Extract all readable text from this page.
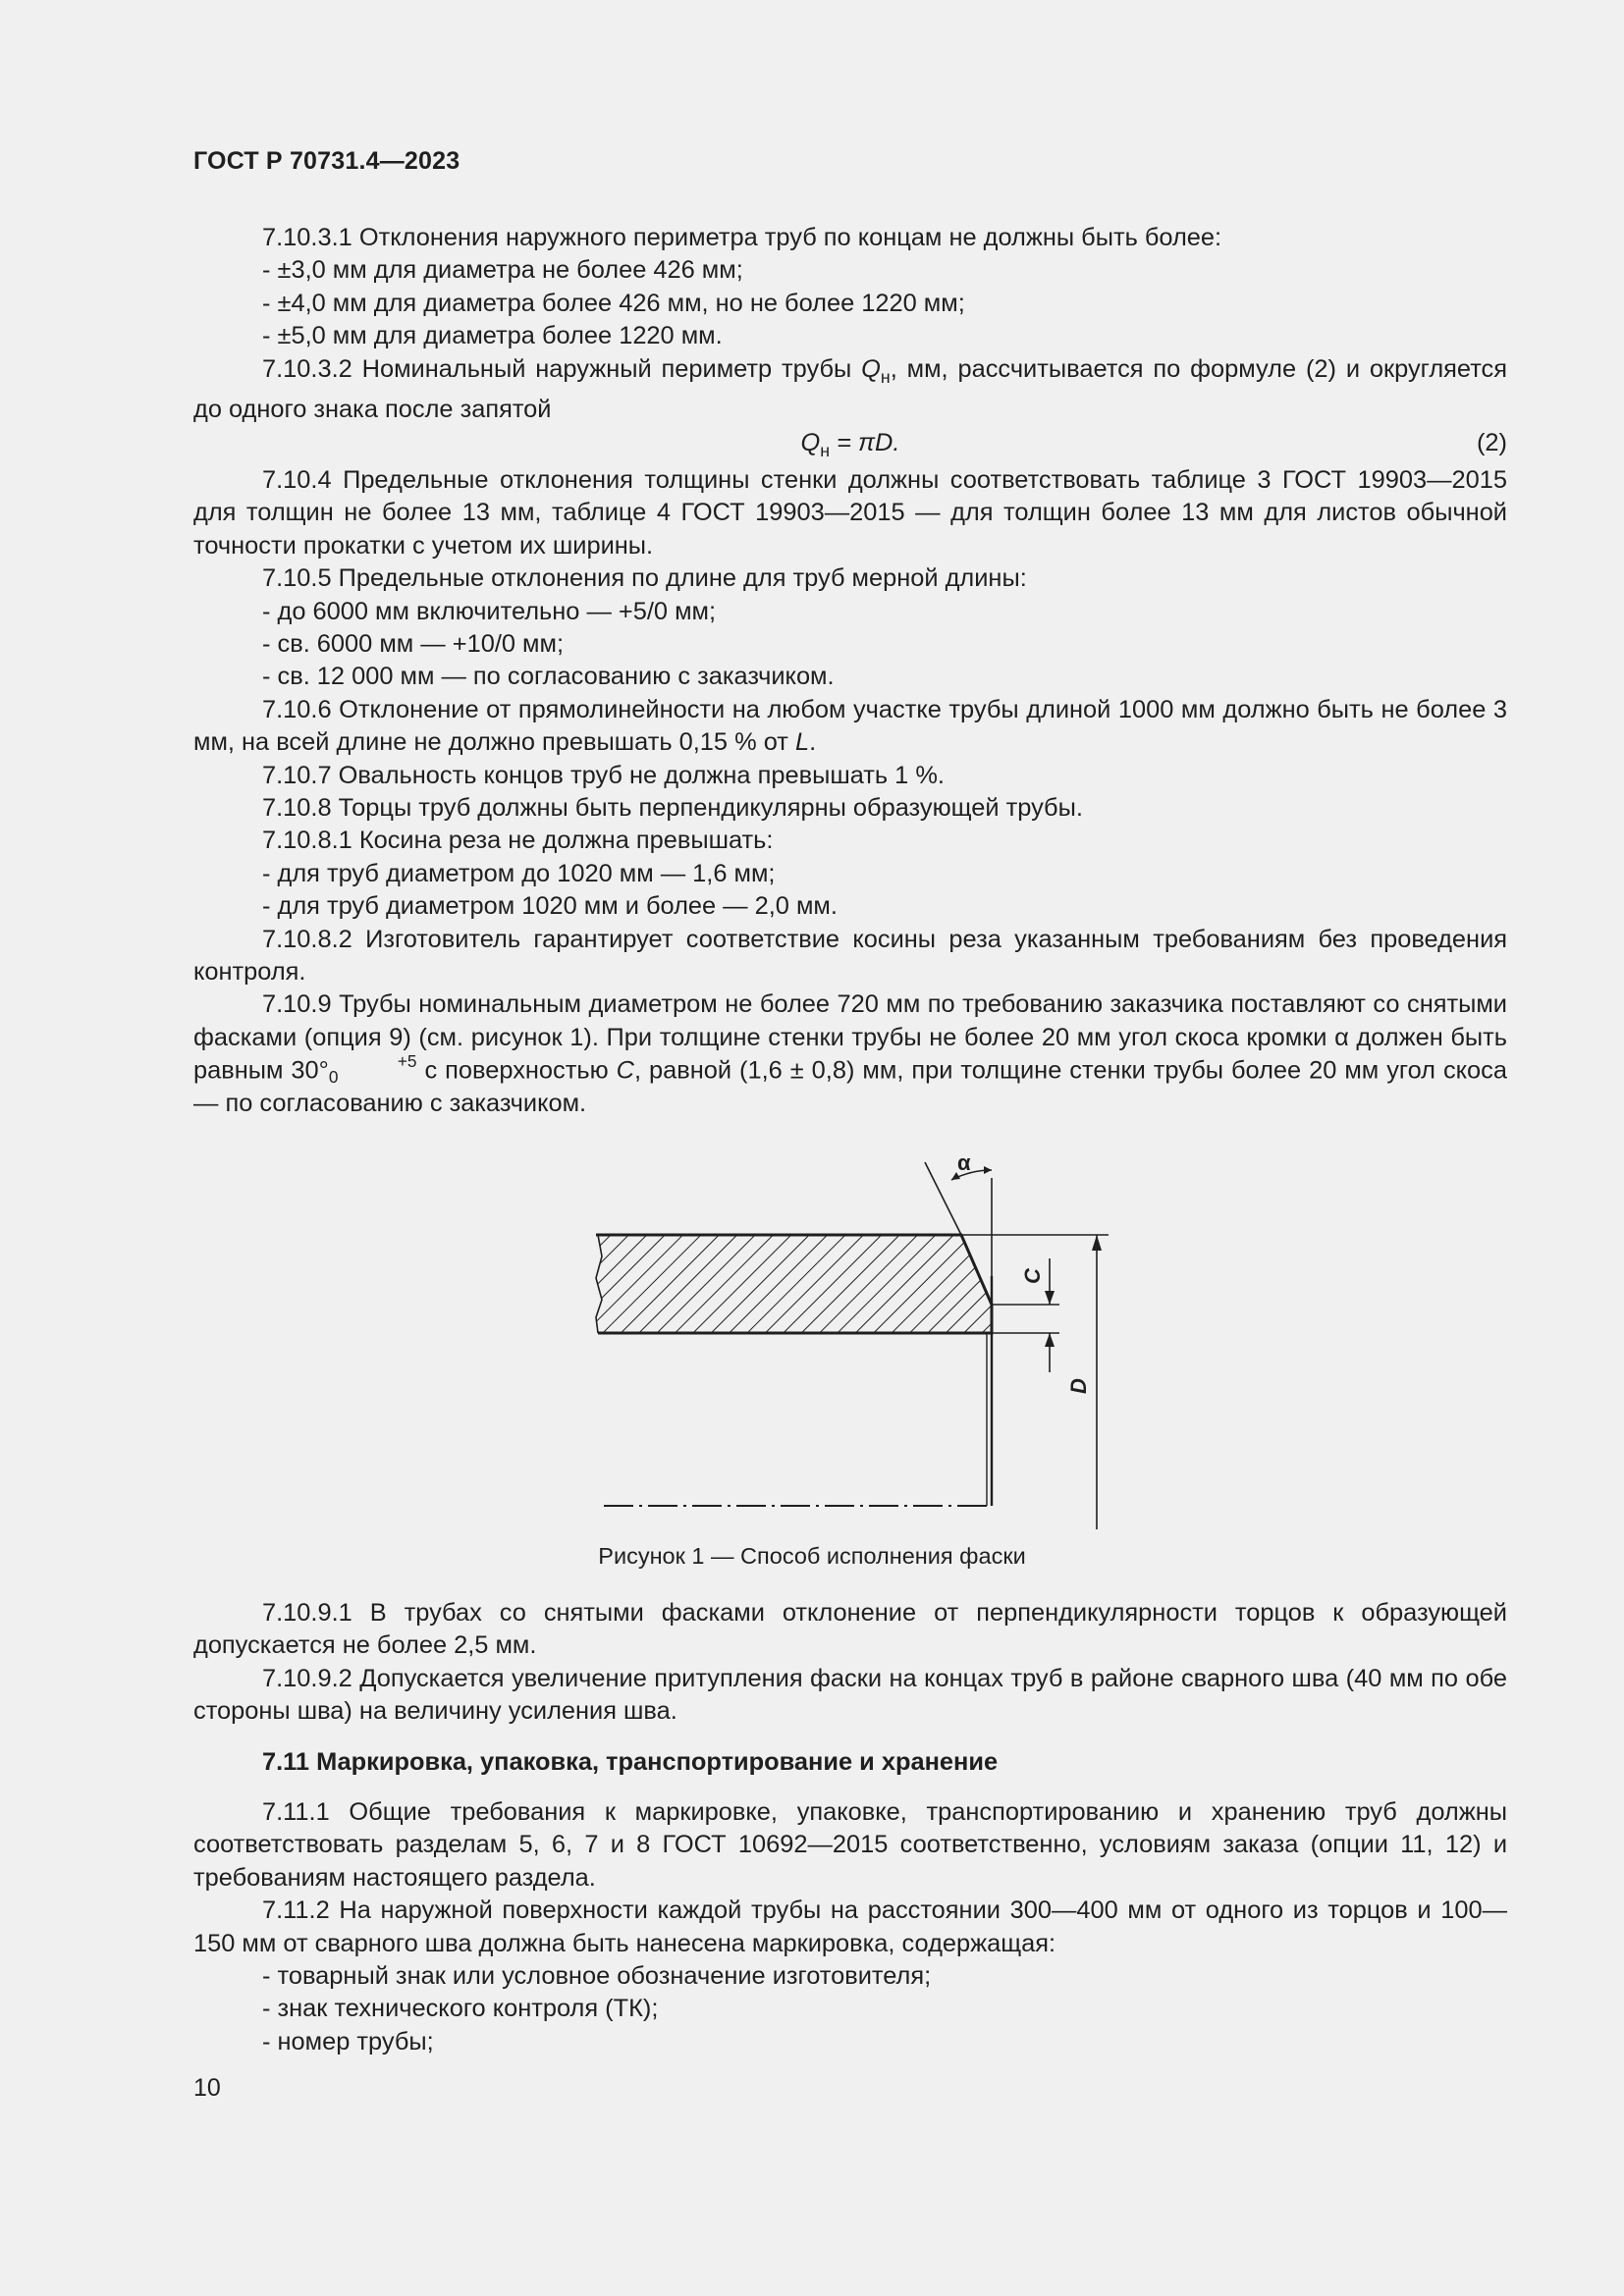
ГОСТ Р 70731.4—2023

7.10.3.1 Отклонения наружного периметра труб по концам не должны быть более:

- ±3,0 мм для диаметра не более 426 мм;

- ±4,0 мм для диаметра более 426 мм, но не более 1220 мм;

- ±5,0 мм для диаметра более 1220 мм.

7.10.3.2 Номинальный наружный периметр трубы $Q_н$, мм, рассчитывается по формуле (2) и округляется до одного знака после запятой

$Q_н = \pi D$.	(2)

7.10.4 Предельные отклонения толщины стенки должны соответствовать таблице 3 ГОСТ 19903—2015 для толщин не более 13 мм, таблице 4 ГОСТ 19903—2015 — для толщин более 13 мм для листов обычной точности прокатки с учетом их ширины.

7.10.5 Предельные отклонения по длине для труб мерной длины:

- до 6000 мм включительно — +5/0 мм;

- св. 6000 мм — +10/0 мм;

- св. 12 000 мм — по согласованию с заказчиком.

7.10.6 Отклонение от прямолинейности на любом участке трубы длиной 1000 мм должно быть не более 3 мм, на всей длине не должно превышать 0,15 % от L.

7.10.7 Овальность концов труб не должна превышать 1 %.

7.10.8 Торцы труб должны быть перпендикулярны образующей трубы.

7.10.8.1 Косина реза не должна превышать:

- для труб диаметром до 1020 мм — 1,6 мм;

- для труб диаметром 1020 мм и более — 2,0 мм.

7.10.8.2 Изготовитель гарантирует соответствие косины реза указанным требованиям без проведения контроля.

7.10.9 Трубы номинальным диаметром не более 720 мм по требованию заказчика поставляют со снятыми фасками (опция 9) (см. рисунок 1). При толщине стенки трубы не более 20 мм угол скоса кромки α должен быть равным 30°	+5
0	с поверхностью C, равной (1,6 ± 0,8) мм, при толщине стенки трубы более 20 мм угол скоса — по согласованию с заказчиком.

α
D
C
Рисунок 1 — Способ исполнения фаски

7.10.9.1 В трубах со снятыми фасками отклонение от перпендикулярности торцов к образующей допускается не более 2,5 мм.

7.10.9.2 Допускается увеличение притупления фаски на концах труб в районе сварного шва (40 мм по обе стороны шва) на величину усиления шва.

7.11 Маркировка, упаковка, транспортирование и хранение

7.11.1 Общие требования к маркировке, упаковке, транспортированию и хранению труб должны соответствовать разделам 5, 6, 7 и 8 ГОСТ 10692—2015 соответственно, условиям заказа (опции 11, 12) и требованиям настоящего раздела.

7.11.2 На наружной поверхности каждой трубы на расстоянии 300—400 мм от одного из торцов и 100—150 мм от сварного шва должна быть нанесена маркировка, содержащая:

- товарный знак или условное обозначение изготовителя;

- знак технического контроля (ТК);

- номер трубы;

10
